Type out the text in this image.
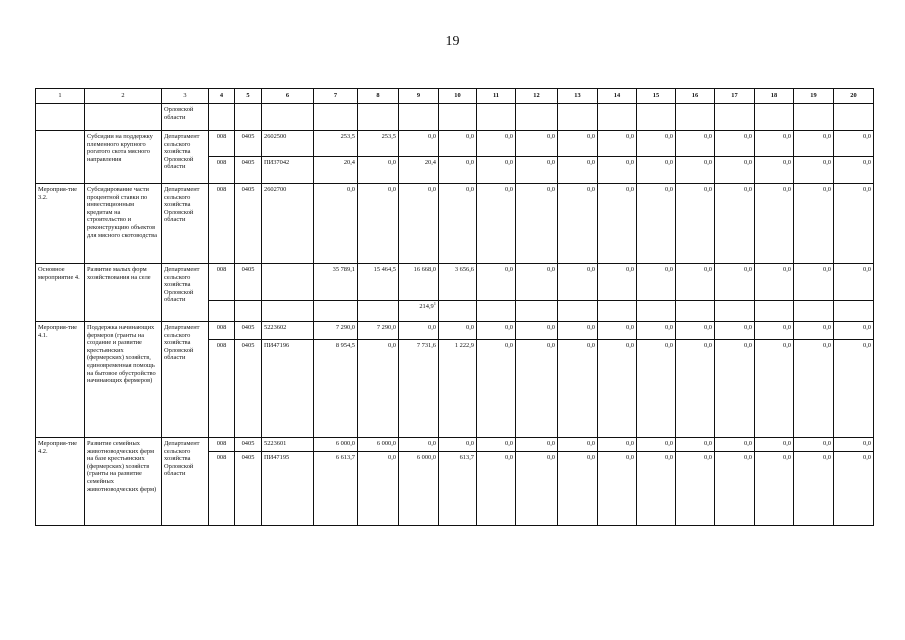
19
1	2	3	4	5	6	7	8	9	10	11	12	13	14	15	16	17	18	19	20
		Орловской области																	
	Субсидии на поддержку племенного крупного рогатого скота мясного направления	Департамент сельского хозяйства Орловской области	008	0405	2602500	253,5	253,5	0,0	0,0	0,0	0,0	0,0	0,0	0,0	0,0	0,0	0,0	0,0	0,0
			008	0405	ПИ37042	20,4	0,0	20,4	0,0	0,0	0,0	0,0	0,0	0,0	0,0	0,0	0,0	0,0	0,0
Мероприя-тие 3.2.	Субсидирование части процентной ставки по инвестиционным кредитам на строительство и реконструкцию объектов для мясного скотоводства	Департамент сельского хозяйства Орловской области	008	0405	2602700	0,0	0,0	0,0	0,0	0,0	0,0	0,0	0,0	0,0	0,0	0,0	0,0	0,0	0,0
Основное мероприятие 4.	Развитие малых форм хозяйствования на селе	Департамент сельского хозяйства Орловской области	008	0405		35 789,1	15 464,5	16 668,0	3 656,6	0,0	0,0	0,0	0,0	0,0	0,0	0,0	0,0	0,0	0,0
								214,9$^1$											
Мероприя-тие 4.1.	Поддержка начинающих фермеров (гранты на создание и развитие крестьянских (фермерских) хозяйств, единовременная помощь на бытовое обустройство начинающих фермеров)	Департамент сельского хозяйства Орловской области	008	0405	5223602	7 290,0	7 290,0	0,0	0,0	0,0	0,0	0,0	0,0	0,0	0,0	0,0	0,0	0,0	0,0
			008	0405	ПИ47196	8 954,5	0,0	7 731,6	1 222,9	0,0	0,0	0,0	0,0	0,0	0,0	0,0	0,0	0,0	0,0
Мероприя-тие 4.2.	Развитие семейных животноводческих ферм на базе крестьянских (фермерских) хозяйств (гранты на развитие семейных животноводческих ферм)	Департамент сельского хозяйства Орловской области	008	0405	5223601	6 000,0	6 000,0	0,0	0,0	0,0	0,0	0,0	0,0	0,0	0,0	0,0	0,0	0,0	0,0
			008	0405	ПИ47195	6 613,7	0,0	6 000,0	613,7	0,0	0,0	0,0	0,0	0,0	0,0	0,0	0,0	0,0	0,0
